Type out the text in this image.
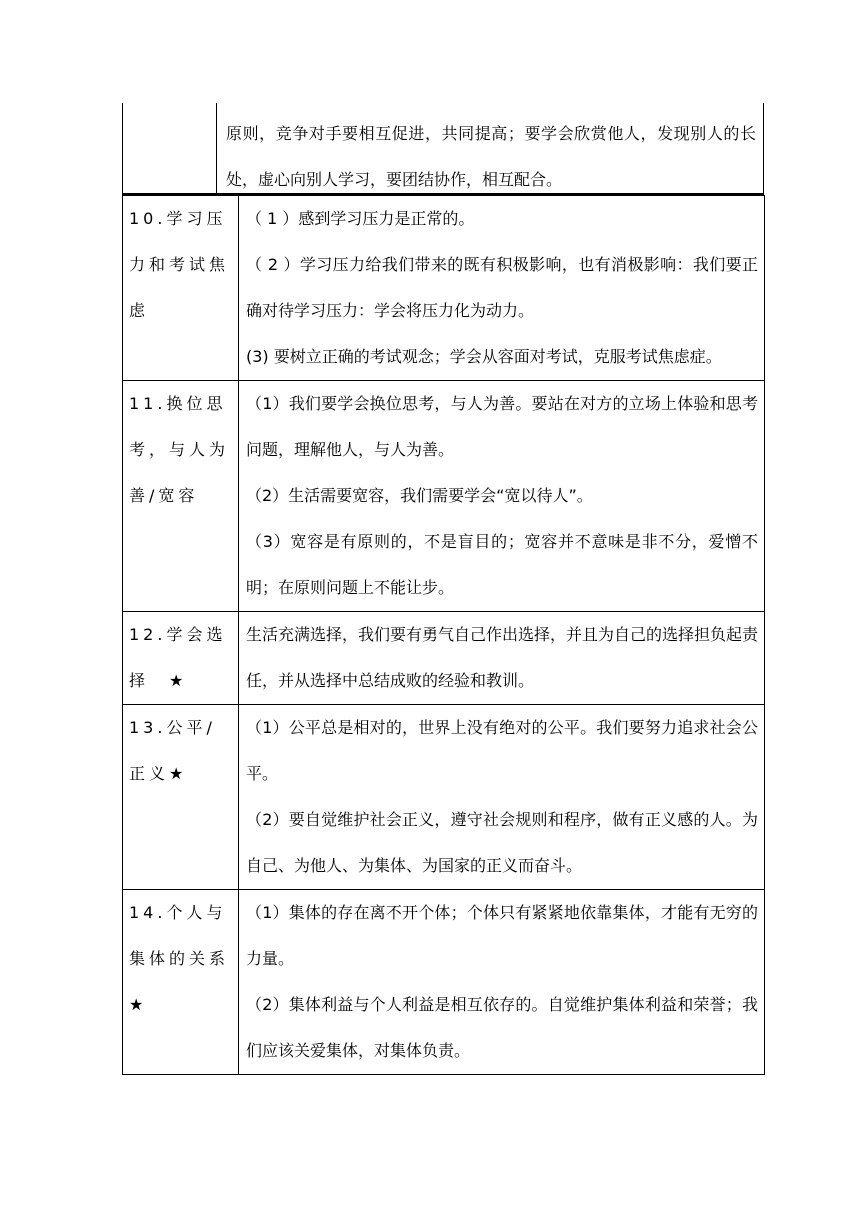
原则，竞争对手要相互促进，共同提高；要学会欣赏他人，发现别人的长处，虚心向别人学习，要团结协作，相互配合。
10.学习压力和考试焦虑	（ 1 ）感到学习压力是正常的。
（ 2 ）学习压力给我们带来的既有积极影响，也有消极影响：我们要正确对待学习压力：学会将压力化为动力。
(3) 要树立正确的考试观念；学会从容面对考试，克服考试焦虑症。

11.换位思考，与人为善/宽容	（1）我们要学会换位思考，与人为善。要站在对方的立场上体验和思考问题，理解他人，与人为善。
（2）生活需要宽容，我们需要学会“宽以待人”。
（3）宽容是有原则的，不是盲目的；宽容并不意味是非不分，爱憎不明；在原则问题上不能让步。

12.学会选择　★	生活充满选择，我们要有勇气自己作出选择，并且为自己的选择担负起责任，并从选择中总结成败的经验和教训。

13.公平/正义★	（1）公平总是相对的，世界上没有绝对的公平。我们要努力追求社会公平。
（2）要自觉维护社会正义，遵守社会规则和程序，做有正义感的人。为自己、为他人、为集体、为国家的正义而奋斗。

14.个人与集体的关系★	（1）集体的存在离不开个体；个体只有紧紧地依靠集体，才能有无穷的力量。
（2）集体利益与个人利益是相互依存的。自觉维护集体利益和荣誉；我们应该关爱集体，对集体负责。
